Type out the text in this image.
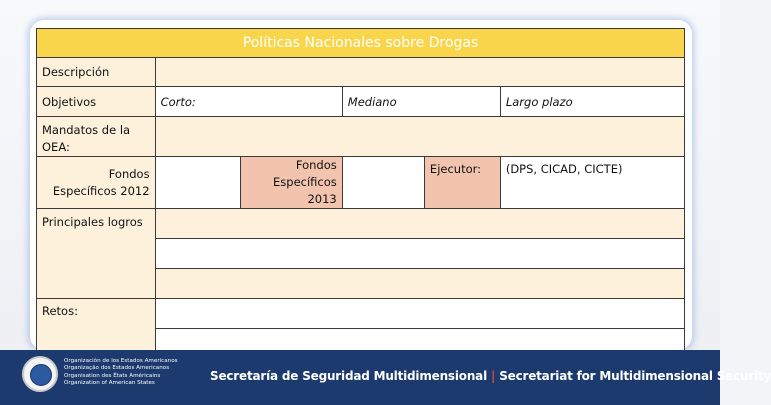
Políticas Nacionales sobre Drogas					
Descripción					
Objetivos	Corto:		Mediano		Largo plazo
Mandatos de la OEA:					
Fondos Específicos 2012		Fondos Específicos 2013		Ejecutor:	(DPS, CICAD, CICTE)
Principales logros					

Retos:					

Organización de los Estados Americanos
Organização dos Estados Americanos
Organisation des États Américains
Organization of American States	Secretaría de Seguridad Multidimensional | Secretariat for Multidimensional Security
